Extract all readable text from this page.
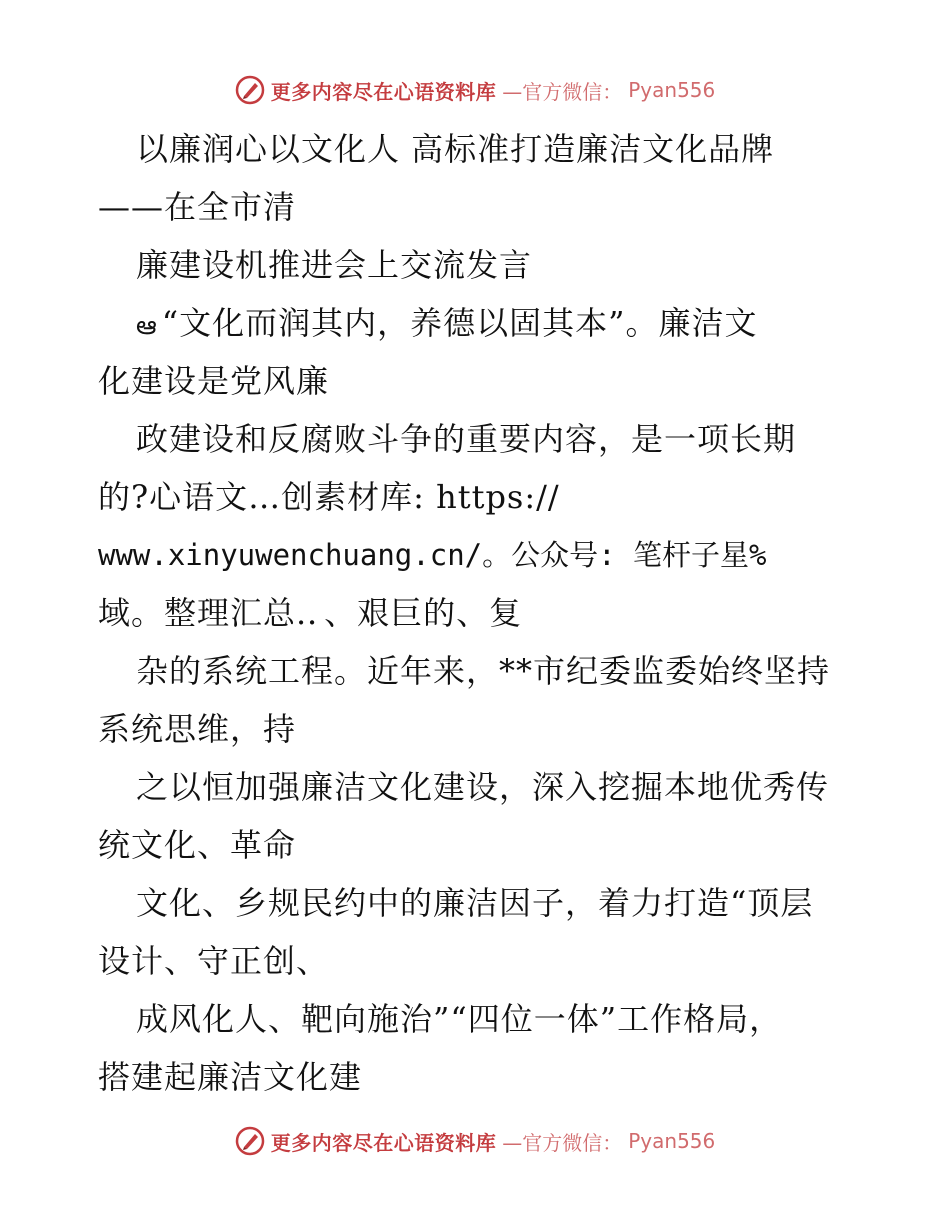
更多内容尽在心语资料库 —官方微信： Pyan556
以廉润心以文化人 高标准打造廉洁文化品牌
——在全市清
廉建设机推进会上交流发言
ఆ “文化而润其内，养德以固其本”。廉洁文
化建设是党风廉
政建设和反腐败斗争的重要内容，是一项长期
的?心语文…创素材库: https://
www.xinyuwenchuang.cn/。公众号: 笔杆子星%
域。整理汇总.．、艰巨的、复
杂的系统工程。近年来，**市纪委监委始终坚持
系统思维，持
之以恒加强廉洁文化建设，深入挖掘本地优秀传
统文化、革命
文化、乡规民约中的廉洁因子，着力打造“顶层
设计、守正创、
成风化人、靶向施治”“四位一体”工作格局，
搭建起廉洁文化建
更多内容尽在心语资料库 —官方微信： Pyan556
